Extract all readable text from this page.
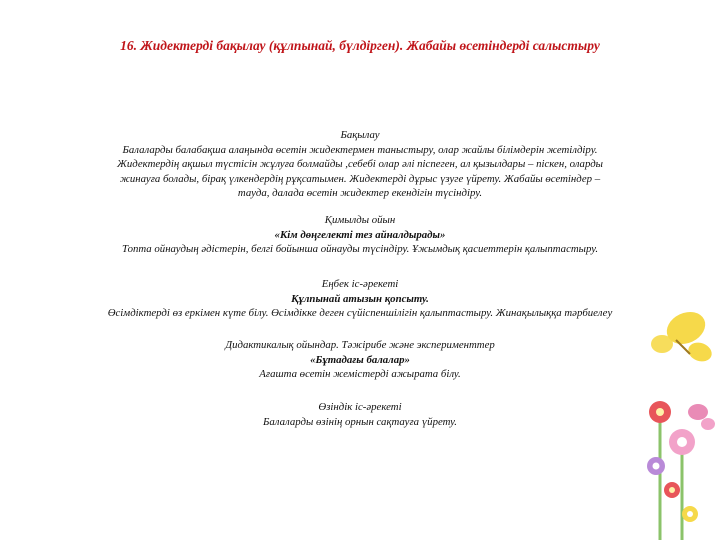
16. Жидектерді бақылау (құлпынай, бүлдірген). Жабайы өсетіндерді салыстыру
Бақылау
Балаларды балабақша алаңында өсетін жидектермен таныстыру, олар жайлы білімдерін жетілдіру.
Жидектердің ақшыл түстісін жұлуға болмайды ,себебі олар әлі піспеген, ал қызылдары – піскен, оларды
жинауға болады, бірақ үлкендердің рұқсатымен. Жидектерді дұрыс үзуге үйрету. Жабайы өсетіндер –
тауда, далада өсетін жидектер екендігін түсіндіру.
Қимылды ойын
«Кім дөңгелекті тез айналдырады»
Топта ойнаудың әдістерін, белгі бойынша ойнауды түсіндіру. Ұжымдық қасиеттерін қалыптастыру.
Еңбек іс-әрекеті
Құлпынай атызын қопсыту.
Өсімдіктерді өз еркімен күте білу. Өсімдікке деген сүйіспеншілігін қалыптастыру. Жинақылыққа тәрбиелеу
Дидактикалық ойындар. Тәжірибе және эксперименттер
«Бұтадағы балалар»
Ағашта өсетін жемістерді ажырата білу.
Өзіндік іс-әрекеті
Балаларды өзінің орнын сақтауға үйрету.
